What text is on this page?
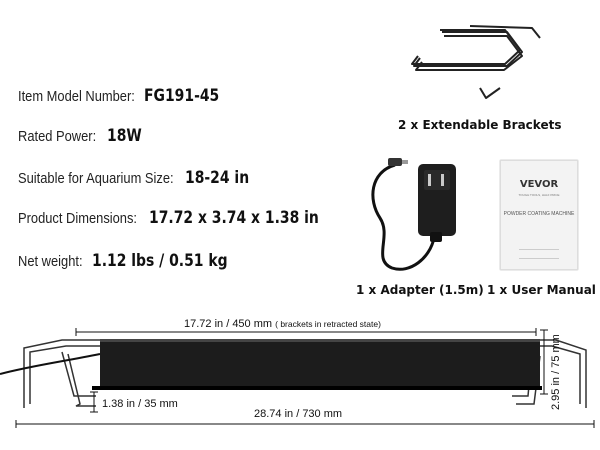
Item Model Number: FG191-45
Rated Power: 18W
Suitable for Aquarium Size: 18-24 in
Product Dimensions: 17.72 x 3.74 x 1.38 in
Net weight: 1.12 lbs / 0.51 kg
2 x Extendable Brackets
1 x Adapter (1.5m) 1 x User Manual
VEVOR
TOUGH TOOLS, HALF PRICE
POWDER COATING MACHINE
17.72 in / 450 mm ( brackets in retracted state)
1.38 in / 35 mm
28.74 in / 730 mm
2.95 in / 75 mm
